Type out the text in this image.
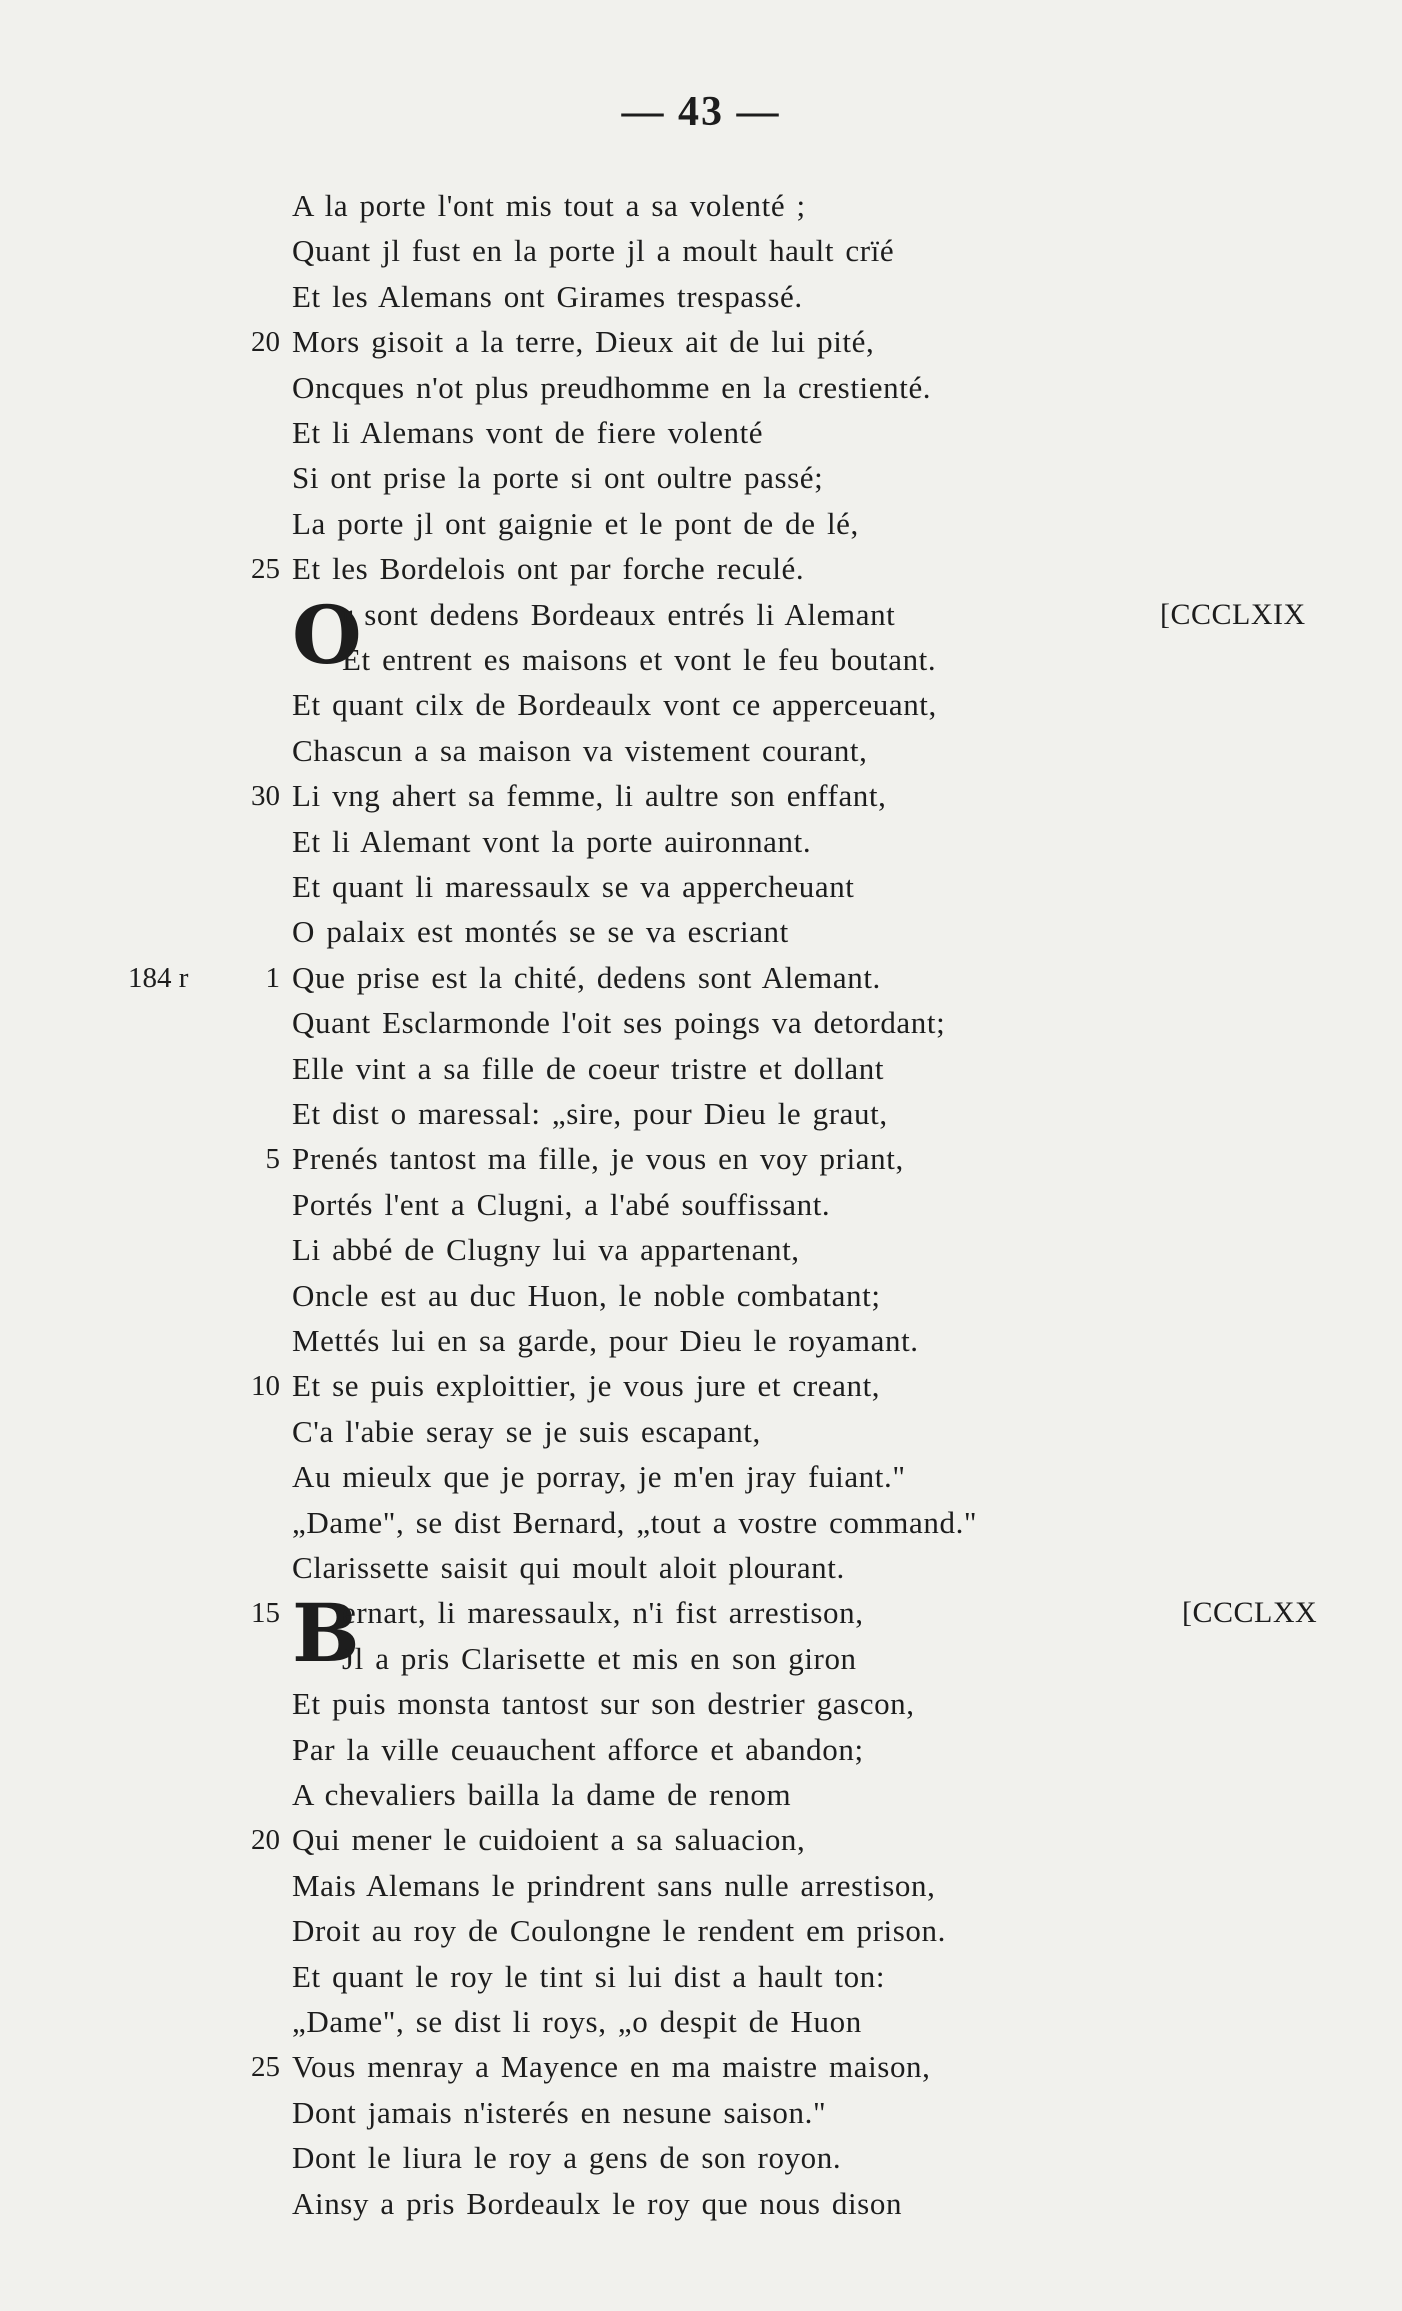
— 43 —
A la porte l'ont mis tout a sa volenté ;
Quant jl fust en la porte jl a moult hault crïé
Et les Alemans ont Girames trespassé.
20 Mors gisoit a la terre, Dieux ait de lui pité,
Oncques n'ot plus preudhomme en la crestienté.
Et li Alemans vont de fiere volenté
Si ont prise la porte si ont oultre passé;
La porte jl ont gaignie et le pont de de lé,
25 Et les Bordelois ont par forche reculé.
O
r sont dedens Bordeaux entrés li Alemant	[CCCLXIX
Et entrent es maisons et vont le feu boutant.
Et quant cilx de Bordeaulx vont ce apperceuant,
Chascun a sa maison va vistement courant,
30 Li vng ahert sa femme, li aultre son enffant,
Et li Alemant vont la porte auironnant.
Et quant li maressaulx se va appercheuant
O palaix est montés se se va escriant
184 r	1 Que prise est la chité, dedens sont Alemant.
Quant Esclarmonde l'oit ses poings va detordant;
Elle vint a sa fille de coeur tristre et dollant
Et dist o maressal: „sire, pour Dieu le graut,
5 Prenés tantost ma fille, je vous en voy priant,
Portés l'ent a Clugni, a l'abé souffissant.
Li abbé de Clugny lui va appartenant,
Oncle est au duc Huon, le noble combatant;
Mettés lui en sa garde, pour Dieu le royamant.
10 Et se puis exploittier, je vous jure et creant,
C'a l'abie seray se je suis escapant,
Au mieulx que je porray, je m'en jray fuiant."
„Dame", se dist Bernard, „tout a vostre command."
Clarissette saisit qui moult aloit plourant.
15 B
ernart, li maressaulx, n'i fist arrestison,	[CCCLXX
Jl a pris Clarisette et mis en son giron
Et puis monsta tantost sur son destrier gascon,
Par la ville ceuauchent afforce et abandon;
A chevaliers bailla la dame de renom
20 Qui mener le cuidoient a sa saluacion,
Mais Alemans le prindrent sans nulle arrestison,
Droit au roy de Coulongne le rendent em prison.
Et quant le roy le tint si lui dist a hault ton:
„Dame", se dist li roys, „o despit de Huon
25 Vous menray a Mayence en ma maistre maison,
Dont jamais n'isterés en nesune saison."
Dont le liura le roy a gens de son royon.
Ainsy a pris Bordeaulx le roy que nous dison
